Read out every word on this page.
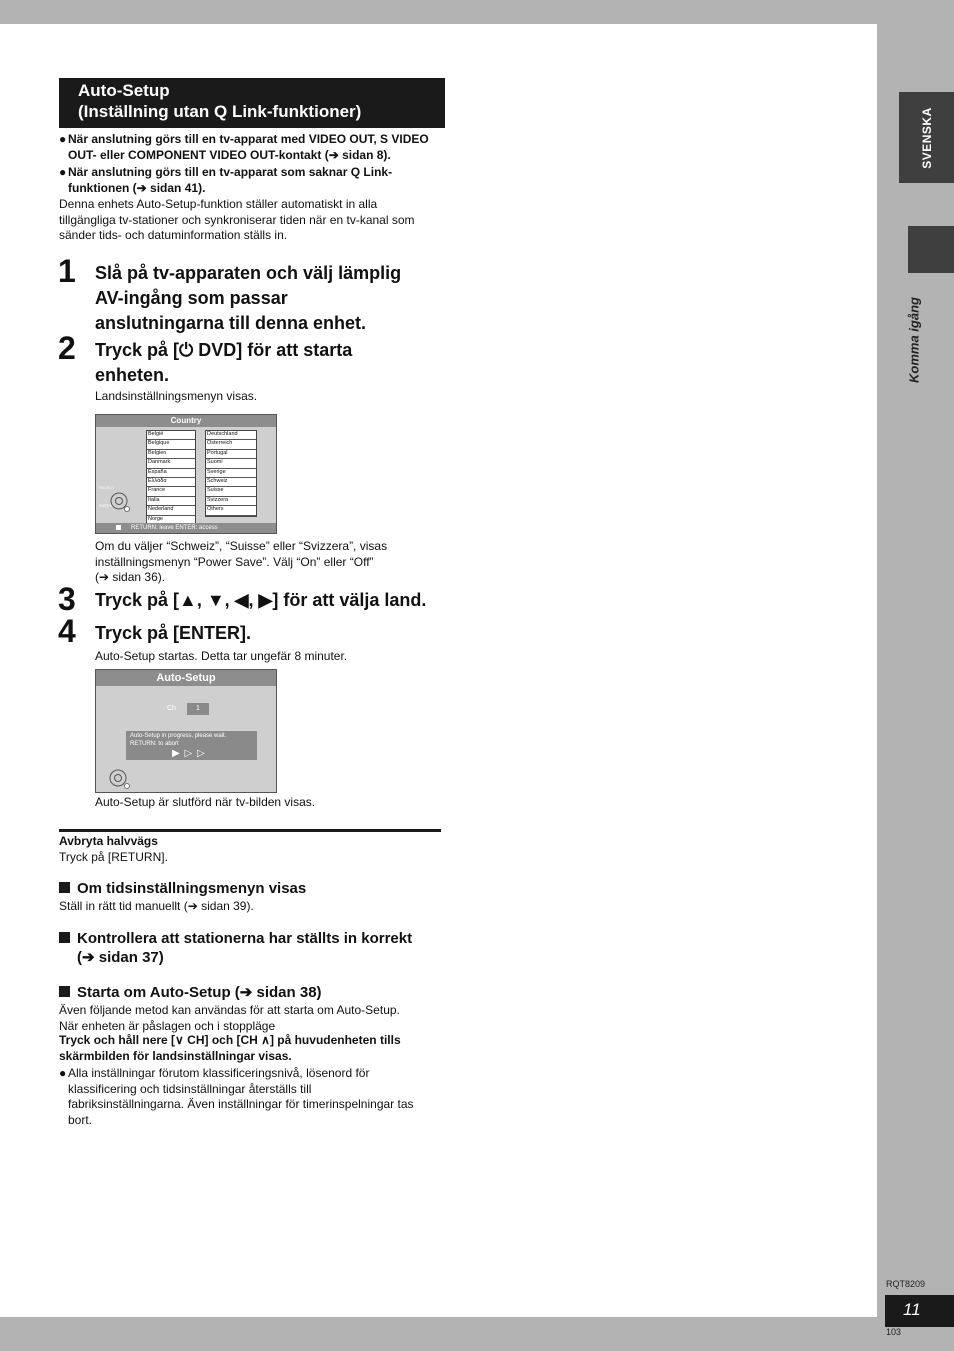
SVENSKA
Komma igång
RQT8209
11
103
Auto-Setup
(Inställning utan Q Link-funktioner)
● När anslutning görs till en tv-apparat med VIDEO OUT, S VIDEO
OUT- eller COMPONENT VIDEO OUT-kontakt (➔ sidan 8).
● När anslutning görs till en tv-apparat som saknar Q Link-
funktionen (➔ sidan 41).
Denna enhets Auto-Setup-funktion ställer automatiskt in alla
tillgängliga tv-stationer och synkroniserar tiden när en tv-kanal som
sänder tids- och datuminformation ställs in.
1 Slå på tv-apparaten och välj lämplig
AV-ingång som passar
anslutningarna till denna enhet.
2 Tryck på [⏻ DVD] för att starta
enheten.
Landsinställningsmenyn visas.
Country
België
Belgique
Belgien
Danmark
España
Ελλάδα
France
Italia
Nederland
Norge
Deutschland
Österreich
Portugal
Suomi
Sverige
Schweiz
Suisse
Svizzera
Others
SELECT
ENTER
RETURN: leave ENTER: access
Om du väljer “Schweiz”, “Suisse” eller “Svizzera”, visas
inställningsmenyn “Power Save”. Välj “On” eller “Off”
(➔ sidan 36).
3 Tryck på [▲, ▼, ◀, ▶] för att välja land.
4 Tryck på [ENTER].
Auto-Setup startas. Detta tar ungefär 8 minuter.
Auto-Setup
Ch	1
Auto-Setup in progress, please wait.
RETURN: to abort
▶ ▷ ▷
Auto-Setup är slutförd när tv-bilden visas.
Avbryta halvvägs
Tryck på [RETURN].
Om tidsinställningsmenyn visas
Ställ in rätt tid manuellt (➔ sidan 39).
Kontrollera att stationerna har ställts in korrekt
(➔ sidan 37)
Starta om Auto-Setup (➔ sidan 38)
Även följande metod kan användas för att starta om Auto-Setup.
När enheten är påslagen och i stoppläge
Tryck och håll nere [∨ CH] och [CH ∧] på huvudenheten tills
skärmbilden för landsinställningar visas.
● Alla inställningar förutom klassificeringsnivå, lösenord för
klassificering och tidsinställningar återställs till
fabriksinställningarna. Även inställningar för timerinspelningar tas
bort.
